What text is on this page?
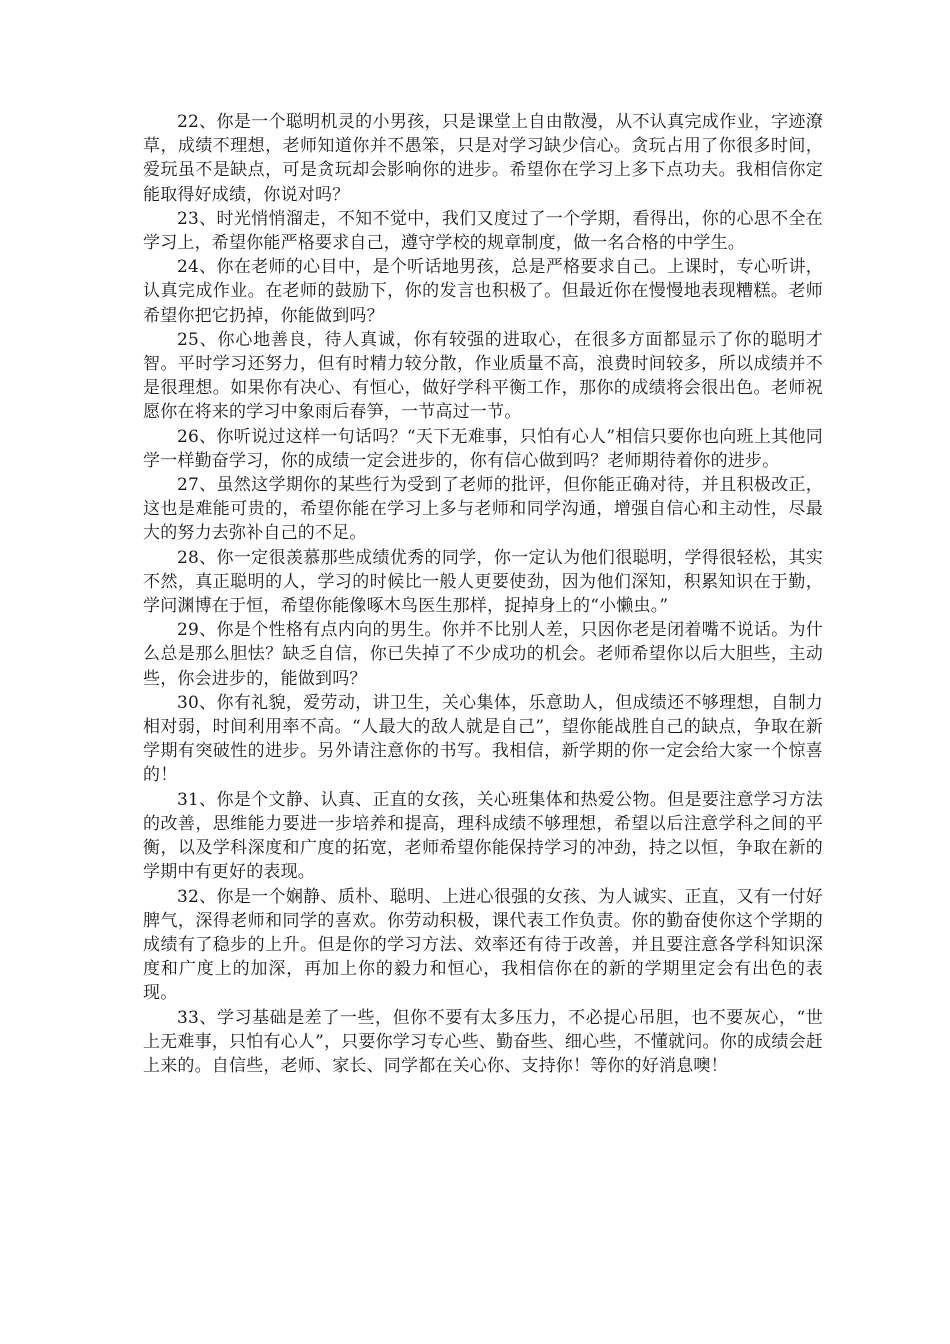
22、你是一个聪明机灵的小男孩，只是课堂上自由散漫，从不认真完成作业，字迹潦草，成绩不理想，老师知道你并不愚笨，只是对学习缺少信心。贪玩占用了你很多时间，爱玩虽不是缺点，可是贪玩却会影响你的进步。希望你在学习上多下点功夫。我相信你定能取得好成绩，你说对吗？

23、时光悄悄溜走，不知不觉中，我们又度过了一个学期，看得出，你的心思不全在学习上，希望你能严格要求自己，遵守学校的规章制度，做一名合格的中学生。

24、你在老师的心目中，是个听话地男孩，总是严格要求自己。上课时，专心听讲，认真完成作业。在老师的鼓励下，你的发言也积极了。但最近你在慢慢地表现糟糕。老师希望你把它扔掉，你能做到吗？

25、你心地善良，待人真诚，你有较强的进取心，在很多方面都显示了你的聪明才智。平时学习还努力，但有时精力较分散，作业质量不高，浪费时间较多，所以成绩并不是很理想。如果你有决心、有恒心，做好学科平衡工作，那你的成绩将会很出色。老师祝愿你在将来的学习中象雨后春笋，一节高过一节。

26、你听说过这样一句话吗？“天下无难事，只怕有心人”相信只要你也向班上其他同学一样勤奋学习，你的成绩一定会进步的，你有信心做到吗？老师期待着你的进步。

27、虽然这学期你的某些行为受到了老师的批评，但你能正确对待，并且积极改正，这也是难能可贵的，希望你能在学习上多与老师和同学沟通，增强自信心和主动性，尽最大的努力去弥补自己的不足。

28、你一定很羡慕那些成绩优秀的同学，你一定认为他们很聪明，学得很轻松，其实不然，真正聪明的人，学习的时候比一般人更要使劲，因为他们深知，积累知识在于勤，学问渊博在于恒，希望你能像啄木鸟医生那样，捉掉身上的“小懒虫。”

29、你是个性格有点内向的男生。你并不比别人差，只因你老是闭着嘴不说话。为什么总是那么胆怯？缺乏自信，你已失掉了不少成功的机会。老师希望你以后大胆些，主动些，你会进步的，能做到吗？

30、你有礼貌，爱劳动，讲卫生，关心集体，乐意助人，但成绩还不够理想，自制力相对弱，时间利用率不高。“人最大的敌人就是自己”，望你能战胜自己的缺点，争取在新学期有突破性的进步。另外请注意你的书写。我相信，新学期的你一定会给大家一个惊喜的！

31、你是个文静、认真、正直的女孩，关心班集体和热爱公物。但是要注意学习方法的改善，思维能力要进一步培养和提高，理科成绩不够理想，希望以后注意学科之间的平衡，以及学科深度和广度的拓宽，老师希望你能保持学习的冲劲，持之以恒，争取在新的学期中有更好的表现。

32、你是一个娴静、质朴、聪明、上进心很强的女孩、为人诚实、正直，又有一付好脾气，深得老师和同学的喜欢。你劳动积极，课代表工作负责。你的勤奋使你这个学期的成绩有了稳步的上升。但是你的学习方法、效率还有待于改善，并且要注意各学科知识深度和广度上的加深，再加上你的毅力和恒心，我相信你在的新的学期里定会有出色的表现。

33、学习基础是差了一些，但你不要有太多压力，不必提心吊胆，也不要灰心，“世上无难事，只怕有心人”，只要你学习专心些、勤奋些、细心些，不懂就问。你的成绩会赶上来的。自信些，老师、家长、同学都在关心你、支持你！等你的好消息噢！
